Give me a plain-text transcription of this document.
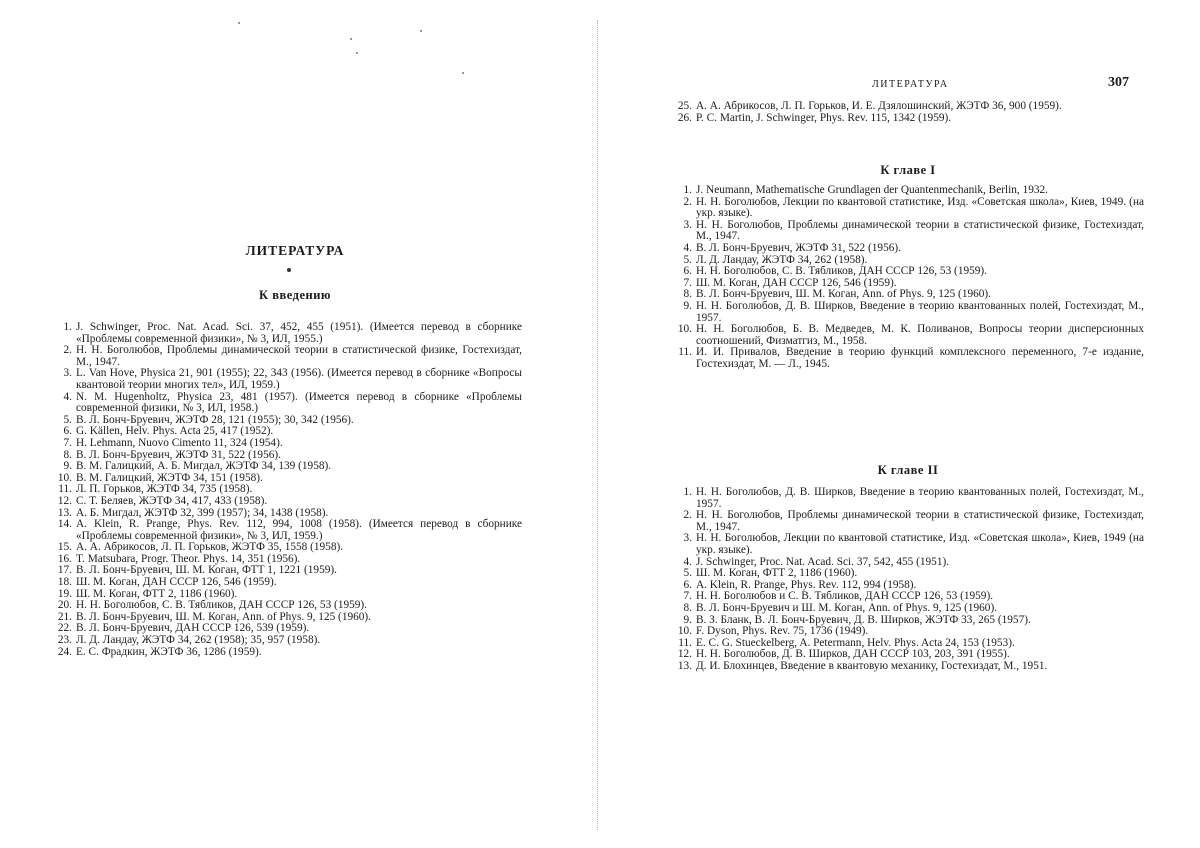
ЛИТЕРАТУРА
К введению
1. J. Schwinger, Proc. Nat. Acad. Sci. 37, 452, 455 (1951). (Имеется перевод в сборнике «Проблемы современной физики», № 3, ИЛ, 1955.)
2. Н. Н. Боголюбов, Проблемы динамической теории в статистической физике, Гостехиздат, М., 1947.
3. L. Van Hove, Physica 21, 901 (1955); 22, 343 (1956). (Имеется перевод в сборнике «Вопросы квантовой теории многих тел», ИЛ, 1959.)
4. N. M. Hugenholtz, Physica 23, 481 (1957). (Имеется перевод в сборнике «Проблемы современной физики, № 3, ИЛ, 1958.)
5. В. Л. Бонч-Бруевич, ЖЭТФ 28, 121 (1955); 30, 342 (1956).
6. G. Källen, Helv. Phys. Acta 25, 417 (1952).
7. H. Lehmann, Nuovo Cimento 11, 324 (1954).
8. В. Л. Бонч-Бруевич, ЖЭТФ 31, 522 (1956).
9. В. М. Галицкий, А. Б. Мигдал, ЖЭТФ 34, 139 (1958).
10. В. М. Галицкий, ЖЭТФ 34, 151 (1958).
11. Л. П. Горьков, ЖЭТФ 34, 735 (1958).
12. С. Т. Беляев, ЖЭТФ 34, 417, 433 (1958).
13. А. Б. Мигдал, ЖЭТФ 32, 399 (1957); 34, 1438 (1958).
14. A. Klein, R. Prange, Phys. Rev. 112, 994, 1008 (1958). (Имеется перевод в сборнике «Проблемы современной физики», № 3, ИЛ, 1959.)
15. А. А. Абрикосов, Л. П. Горьков, ЖЭТФ 35, 1558 (1958).
16. T. Matsubara, Progr. Theor. Phys. 14, 351 (1956).
17. В. Л. Бонч-Бруевич, Ш. М. Коган, ФТТ 1, 1221 (1959).
18. Ш. М. Коган, ДАН СССР 126, 546 (1959).
19. Ш. М. Коган, ФТТ 2, 1186 (1960).
20. Н. Н. Боголюбов, С. В. Тябликов, ДАН СССР 126, 53 (1959).
21. В. Л. Бонч-Бруевич, Ш. М. Коган, Ann. of Phys. 9, 125 (1960).
22. В. Л. Бонч-Бруевич, ДАН СССР 126, 539 (1959).
23. Л. Д. Ландау, ЖЭТФ 34, 262 (1958); 35, 957 (1958).
24. Е. С. Фрадкин, ЖЭТФ 36, 1286 (1959).
ЛИТЕРАТУРА	307
25. А. А. Абрикосов, Л. П. Горьков, И. Е. Дзялошинский, ЖЭТФ 36, 900 (1959).
26. P. C. Martin, J. Schwinger, Phys. Rev. 115, 1342 (1959).
К главе I
1. J. Neumann, Mathematische Grundlagen der Quantenmechanik, Berlin, 1932.
2. Н. Н. Боголюбов, Лекции по квантовой статистике, Изд. «Советская школа», Киев, 1949. (на укр. языке).
3. Н. Н. Боголюбов, Проблемы динамической теории в статистической физике, Гостехиздат, М., 1947.
4. В. Л. Бонч-Бруевич, ЖЭТФ 31, 522 (1956).
5. Л. Д. Ландау, ЖЭТФ 34, 262 (1958).
6. Н. Н. Боголюбов, С. В. Тябликов, ДАН СССР 126, 53 (1959).
7. Ш. М. Коган, ДАН СССР 126, 546 (1959).
8. В. Л. Бонч-Бруевич, Ш. М. Коган, Ann. of Phys. 9, 125 (1960).
9. Н. Н. Боголюбов, Д. В. Ширков, Введение в теорию квантованных полей, Гостехиздат, М., 1957.
10. Н. Н. Боголюбов, Б. В. Медведев, М. К. Поливанов, Вопросы теории дисперсионных соотношений, Физматгиз, М., 1958.
11. И. И. Привалов, Введение в теорию функций комплексного переменного, 7-е издание, Гостехиздат, М. — Л., 1945.
К главе II
1. Н. Н. Боголюбов, Д. В. Ширков, Введение в теорию квантованных полей, Гостехиздат, М., 1957.
2. Н. Н. Боголюбов, Проблемы динамической теории в статистической физике, Гостехиздат, М., 1947.
3. Н. Н. Боголюбов, Лекции по квантовой статистике, Изд. «Советская школа», Киев, 1949 (на укр. языке).
4. J. Schwinger, Proc. Nat. Acad. Sci. 37, 542, 455 (1951).
5. Ш. М. Коган, ФТТ 2, 1186 (1960).
6. A. Klein, R. Prange, Phys. Rev. 112, 994 (1958).
7. Н. Н. Боголюбов и С. В. Тябликов, ДАН СССР 126, 53 (1959).
8. В. Л. Бонч-Бруевич и Ш. М. Коган, Ann. of Phys. 9, 125 (1960).
9. В. З. Бланк, В. Л. Бонч-Бруевич, Д. В. Ширков, ЖЭТФ 33, 265 (1957).
10. F. Dyson, Phys. Rev. 75, 1736 (1949).
11. E. C. G. Stueckelberg, A. Petermann, Helv. Phys. Acta 24, 153 (1953).
12. Н. Н. Боголюбов, Д. В. Ширков, ДАН СССР 103, 203, 391 (1955).
13. Д. И. Блохинцев, Введение в квантовую механику, Гостехиздат, М., 1951.
